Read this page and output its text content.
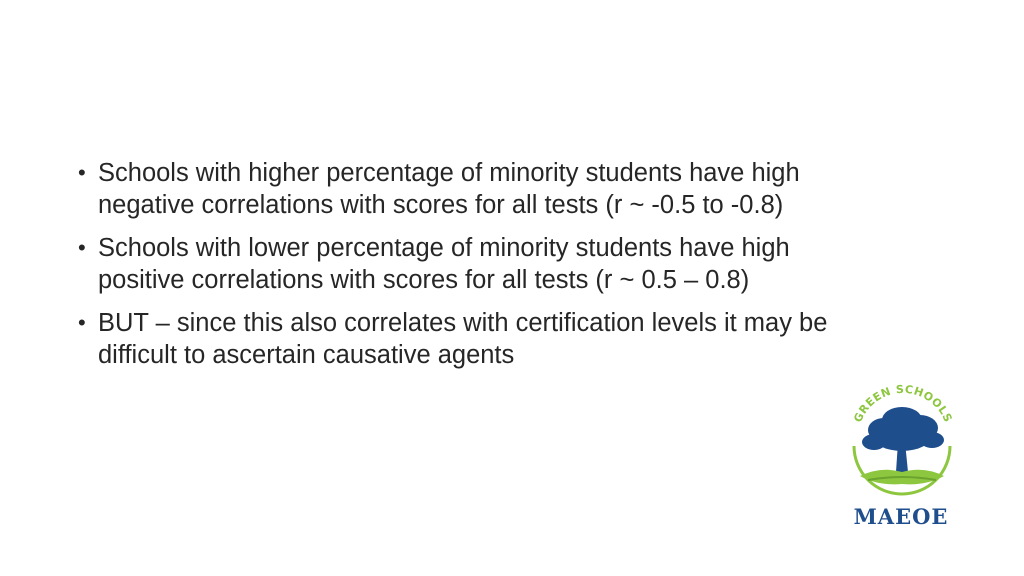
• Schools with higher percentage of minority students have high
negative correlations with scores for all tests (r ~ -0.5 to -0.8)
• Schools with lower percentage of minority students have high
positive correlations with scores for all tests (r ~ 0.5 – 0.8)
• BUT – since this also correlates with certification levels it may be
difficult to ascertain causative agents
GREEN SCHOOLS
MAEOE
